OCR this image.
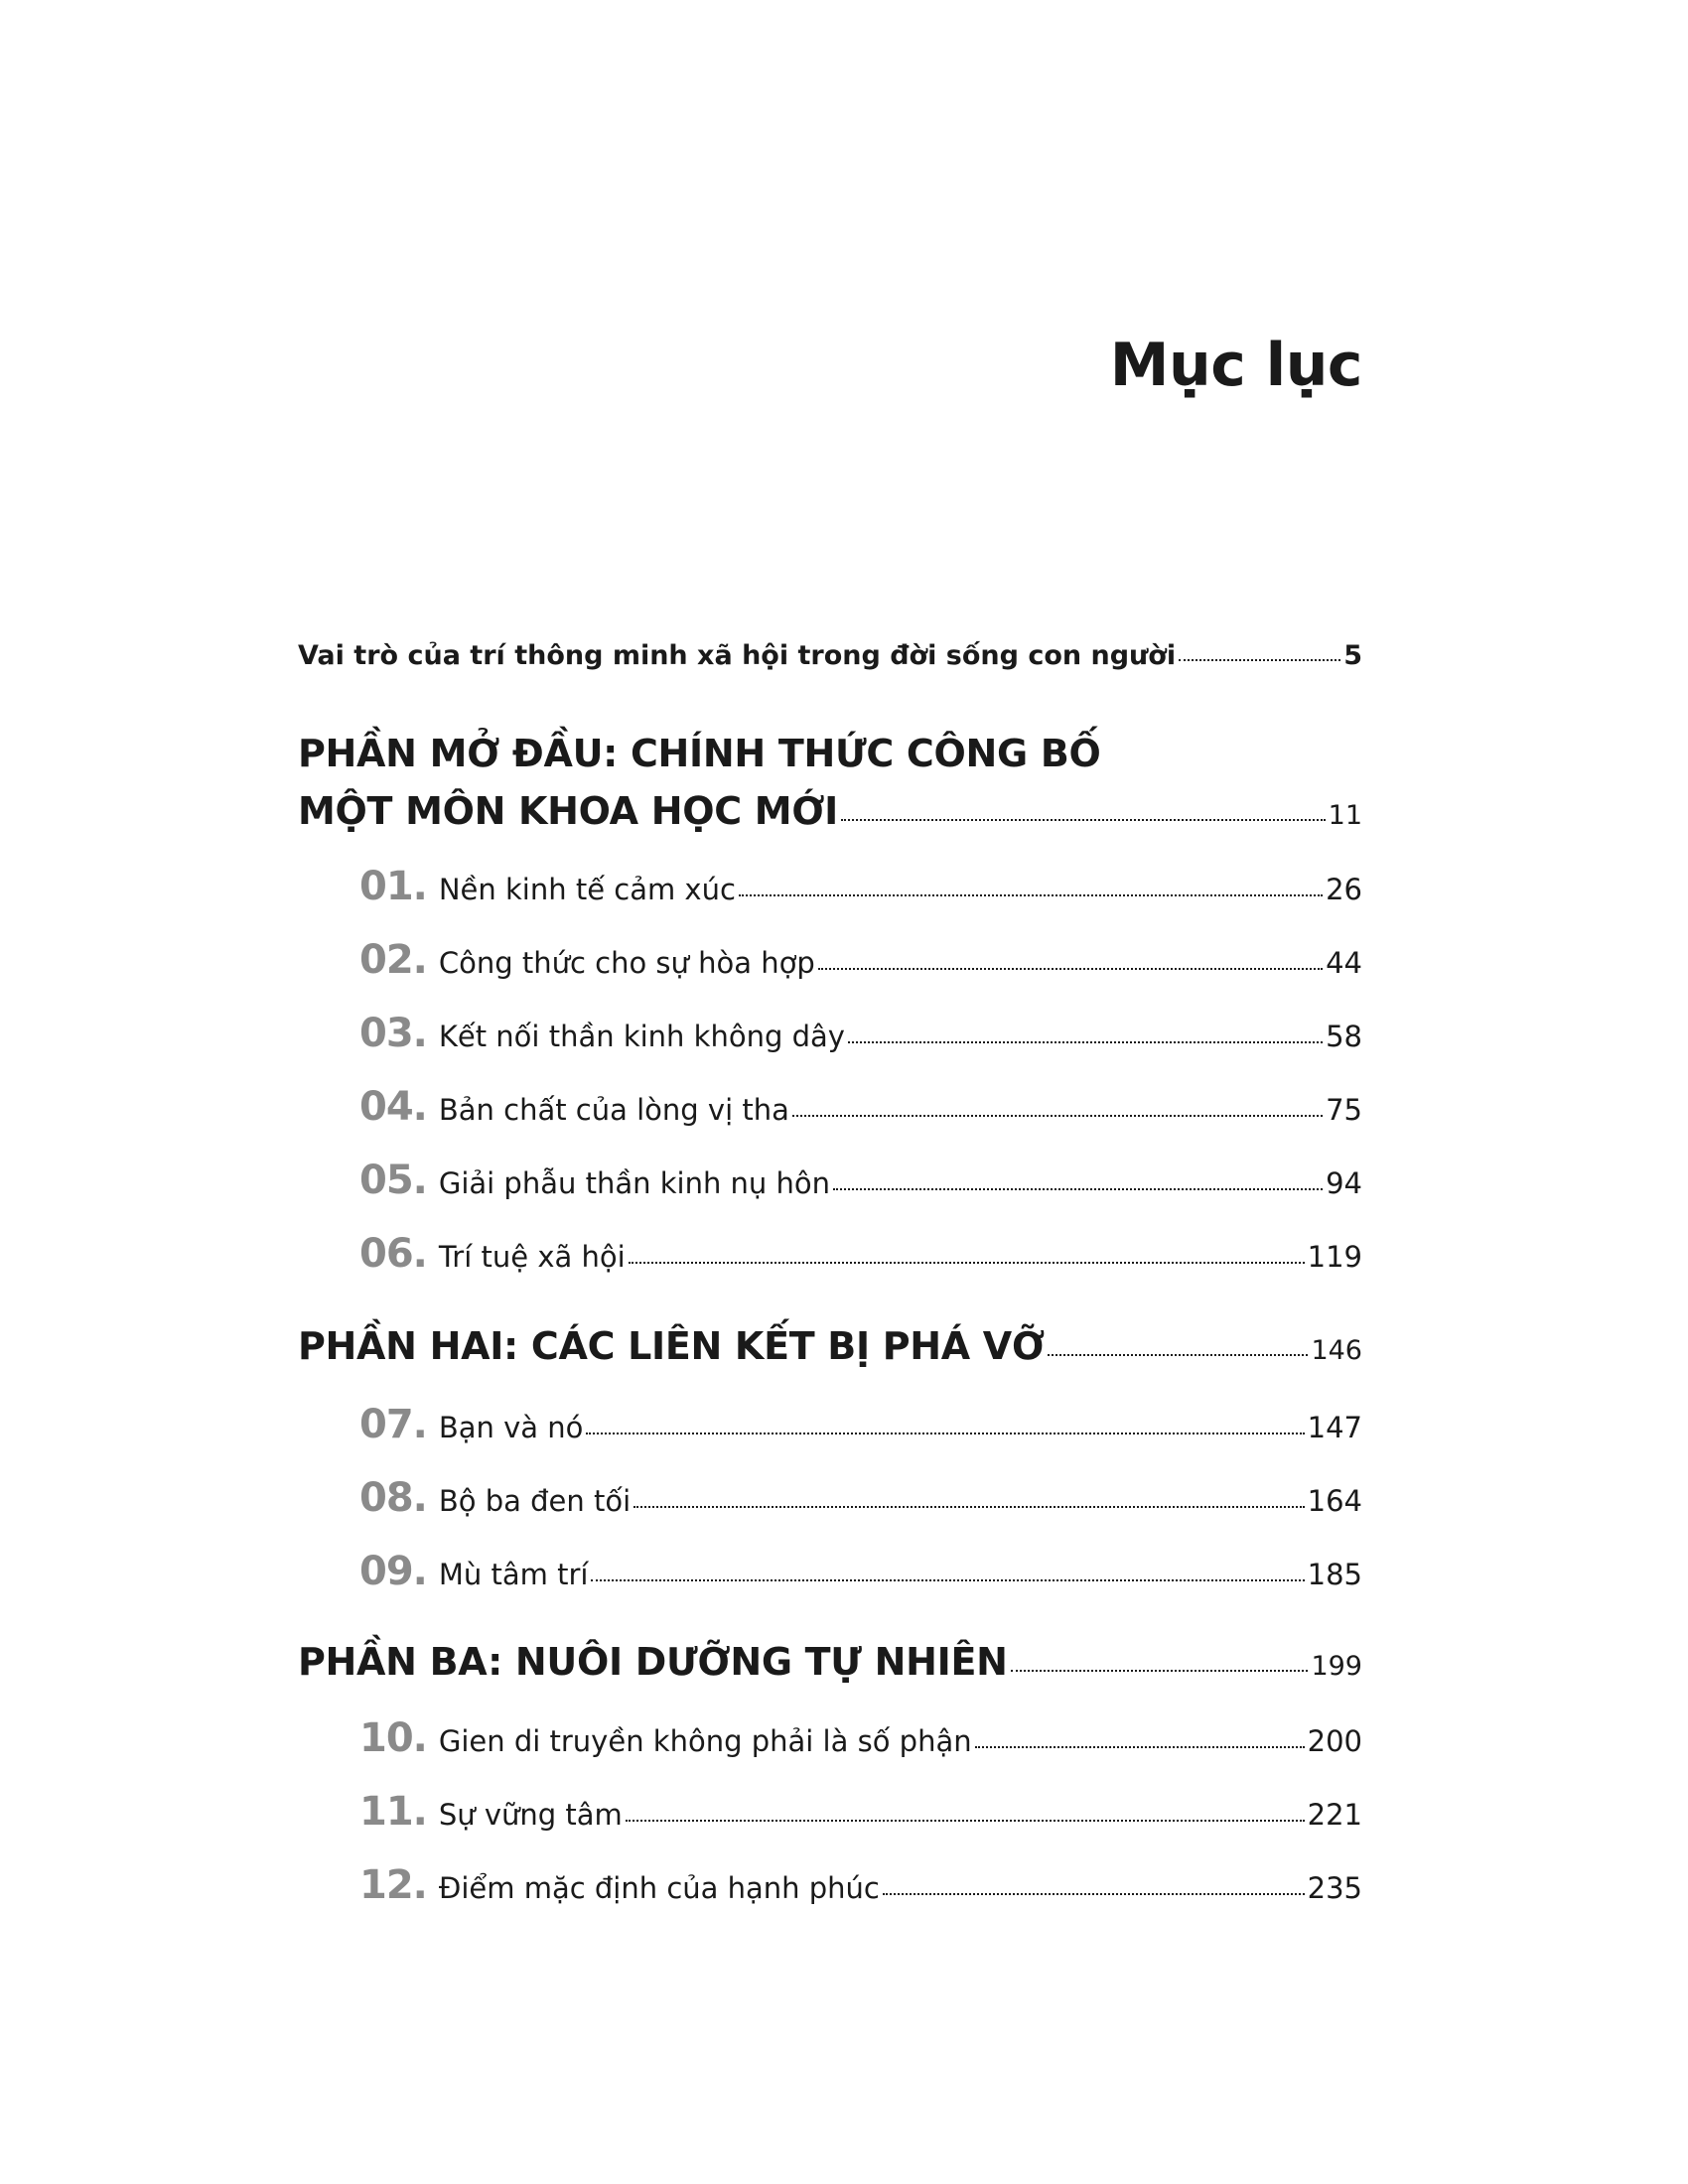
Mục lục
Vai trò của trí thông minh xã hội trong đời sống con người	5
PHẦN MỞ ĐẦU: CHÍNH THỨC CÔNG BỐ
MỘT MÔN KHOA HỌC MỚI	11
01. Nền kinh tế cảm xúc	26
02. Công thức cho sự hòa hợp	44
03. Kết nối thần kinh không dây	58
04. Bản chất của lòng vị tha	75
05. Giải phẫu thần kinh nụ hôn	94
06. Trí tuệ xã hội	119
PHẦN HAI: CÁC LIÊN KẾT BỊ PHÁ VỠ	146
07. Bạn và nó	147
08. Bộ ba đen tối	164
09. Mù tâm trí	185
PHẦN BA: NUÔI DƯỠNG TỰ NHIÊN	199
10. Gien di truyền không phải là số phận	200
11. Sự vững tâm	221
12. Điểm mặc định của hạnh phúc	235
